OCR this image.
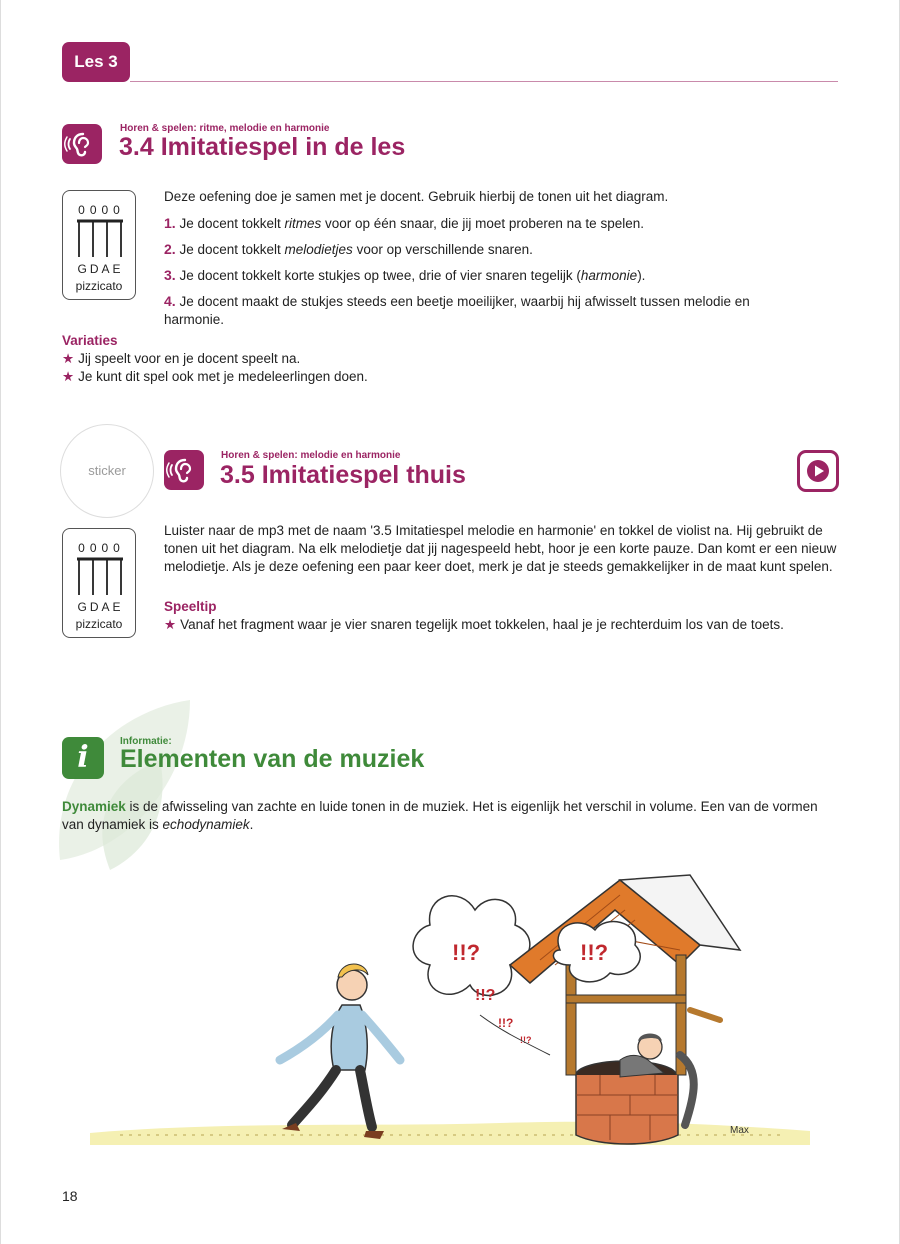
Les 3
Horen & spelen: ritme, melodie en harmonie
3.4 Imitatiespel in de les
0000
GDAE
pizzicato
Deze oefening doe je samen met je docent. Gebruik hierbij de tonen uit het diagram.
1. Je docent tokkelt ritmes voor op één snaar, die jij moet proberen na te spelen.
2. Je docent tokkelt melodietjes voor op verschillende snaren.
3. Je docent tokkelt korte stukjes op twee, drie of vier snaren tegelijk (harmonie).
4. Je docent maakt de stukjes steeds een beetje moeilijker, waarbij hij afwisselt tussen melodie en harmonie.
Variaties
★ Jij speelt voor en je docent speelt na.
★ Je kunt dit spel ook met je medeleerlingen doen.
sticker
Horen & spelen: melodie en harmonie
3.5 Imitatiespel thuis
0000
GDAE
pizzicato
Luister naar de mp3 met de naam '3.5 Imitatiespel melodie en harmonie' en tokkel de violist na. Hij gebruikt de tonen uit het diagram. Na elk melodietje dat jij nagespeeld hebt, hoor je een korte pauze. Dan komt er een nieuw melodietje. Als je deze oefening een paar keer doet, merk je dat je steeds gemakkelijker in de maat kunt spelen.
Speeltip
★ Vanaf het fragment waar je vier snaren tegelijk moet tokkelen, haal je je rechterduim los van de toets.
i	Informatie:
Elementen van de muziek
Dynamiek is de afwisseling van zachte en luide tonen in de muziek. Het is eigenlijk het verschil in volume. Een van de vormen van dynamiek is echodynamiek.
!!?
!!?
!!?
!!?
!!?
Max
18
